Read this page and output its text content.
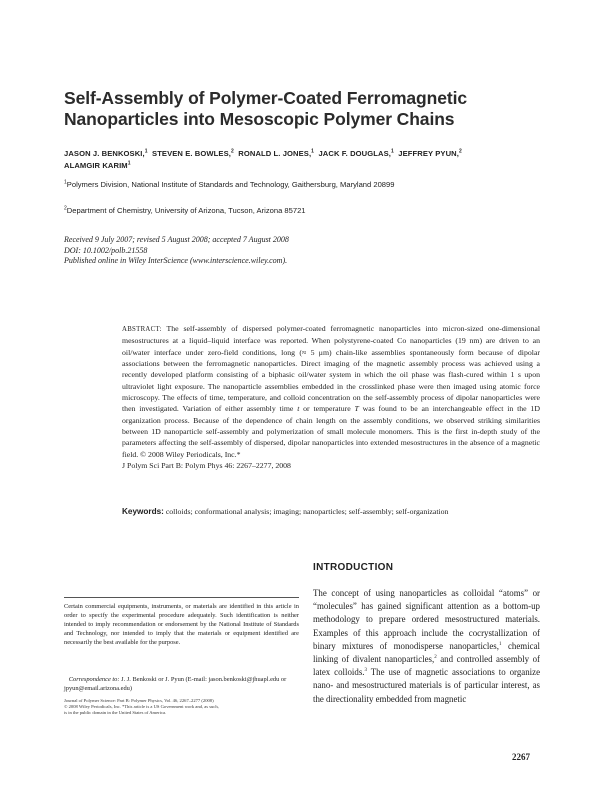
Self-Assembly of Polymer-Coated Ferromagnetic
Nanoparticles into Mesoscopic Polymer Chains
JASON J. BENKOSKI,$^1$ STEVEN E. BOWLES,$^2$ RONALD L. JONES,$^1$ JACK F. DOUGLAS,$^1$ JEFFREY PYUN,$^2$
ALAMGIR KARIM$^1$
$^1$Polymers Division, National Institute of Standards and Technology, Gaithersburg, Maryland 20899
$^2$Department of Chemistry, University of Arizona, Tucson, Arizona 85721
Received 9 July 2007; revised 5 August 2008; accepted 7 August 2008
DOI: 10.1002/polb.21558
Published online in Wiley InterScience (www.interscience.wiley.com).
ABSTRACT: The self-assembly of dispersed polymer-coated ferromagnetic nanoparticles into micron-sized one-dimensional mesostructures at a liquid–liquid interface was reported. When polystyrene-coated Co nanoparticles (19 nm) are driven to an oil/water interface under zero-field conditions, long (≈ 5 μm) chain-like assemblies spontaneously form because of dipolar associations between the ferromagnetic nanoparticles. Direct imaging of the magnetic assembly process was achieved using a recently developed platform consisting of a biphasic oil/water system in which the oil phase was flash-cured within 1 s upon ultraviolet light exposure. The nanoparticle assemblies embedded in the crosslinked phase were then imaged using atomic force microscopy. The effects of time, temperature, and colloid concentration on the self-assembly process of dipolar nanoparticles were then investigated. Variation of either assembly time t or temperature T was found to be an interchangeable effect in the 1D organization process. Because of the dependence of chain length on the assembly conditions, we observed striking similarities between 1D nanoparticle self-assembly and polymerization of small molecule monomers. This is the first in-depth study of the parameters affecting the self-assembly of dispersed, dipolar nanoparticles into extended mesostructures in the absence of a magnetic field. © 2008 Wiley Periodicals, Inc.*
J Polym Sci Part B: Polym Phys 46: 2267–2277, 2008
Keywords: colloids; conformational analysis; imaging; nanoparticles; self-assembly; self-organization
INTRODUCTION
The concept of using nanoparticles as colloidal “atoms” or “molecules” has gained significant attention as a bottom-up methodology to prepare ordered mesostructured materials. Examples of this approach include the cocrystallization of binary mixtures of monodisperse nanoparticles,$^1$ chemical linking of divalent nanoparticles,$^2$ and controlled assembly of latex colloids.$^3$ The use of magnetic associations to organize nano- and mesostructured materials is of particular interest, as the directionality embedded from magnetic
Certain commercial equipments, instruments, or materials are identified in this article in order to specify the experimental procedure adequately. Such identification is neither intended to imply recommendation or endorsement by the National Institute of Standards and Technology, nor intended to imply that the materials or equipment identified are necessarily the best available for the purpose.
Correspondence to: J. J. Benkoski or J. Pyun (E-mail: jason.benkoski@jhuapl.edu or jpyun@email.arizona.edu)
Journal of Polymer Science: Part B: Polymer Physics, Vol. 46, 2267–2277 (2008)
© 2008 Wiley Periodicals, Inc. *This article is a US Government work and, as such,
is in the public domain in the United States of America.
2267
